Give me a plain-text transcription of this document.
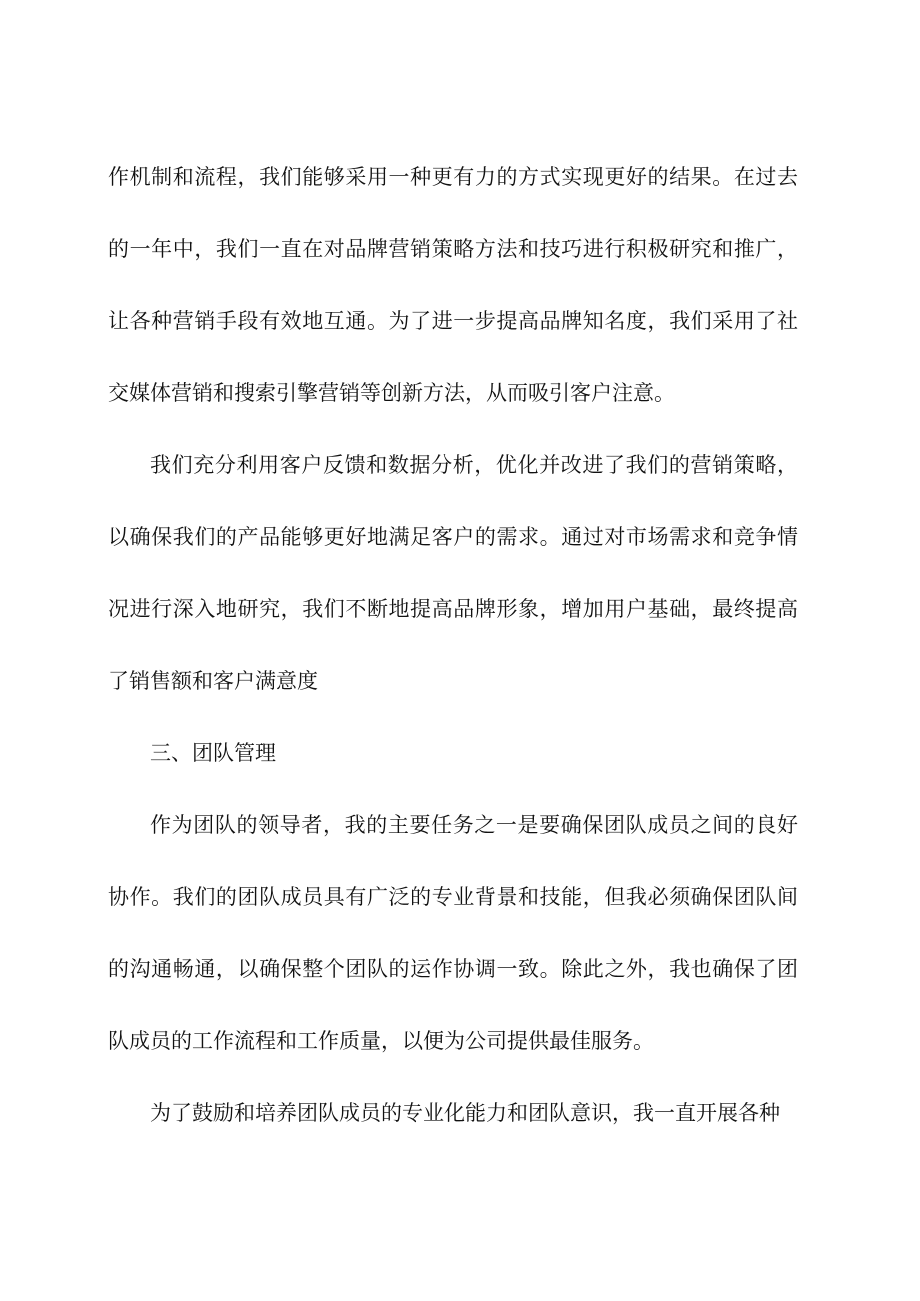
作机制和流程，我们能够采用一种更有力的方式实现更好的结果。在过去的一年中，我们一直在对品牌营销策略方法和技巧进行积极研究和推广，让各种营销手段有效地互通。为了进一步提高品牌知名度，我们采用了社交媒体营销和搜索引擎营销等创新方法，从而吸引客户注意。

我们充分利用客户反馈和数据分析，优化并改进了我们的营销策略，以确保我们的产品能够更好地满足客户的需求。通过对市场需求和竞争情况进行深入地研究，我们不断地提高品牌形象，增加用户基础，最终提高了销售额和客户满意度

三、团队管理

作为团队的领导者，我的主要任务之一是要确保团队成员之间的良好协作。我们的团队成员具有广泛的专业背景和技能，但我必须确保团队间的沟通畅通，以确保整个团队的运作协调一致。除此之外，我也确保了团队成员的工作流程和工作质量，以便为公司提供最佳服务。

为了鼓励和培养团队成员的专业化能力和团队意识，我一直开展各种
